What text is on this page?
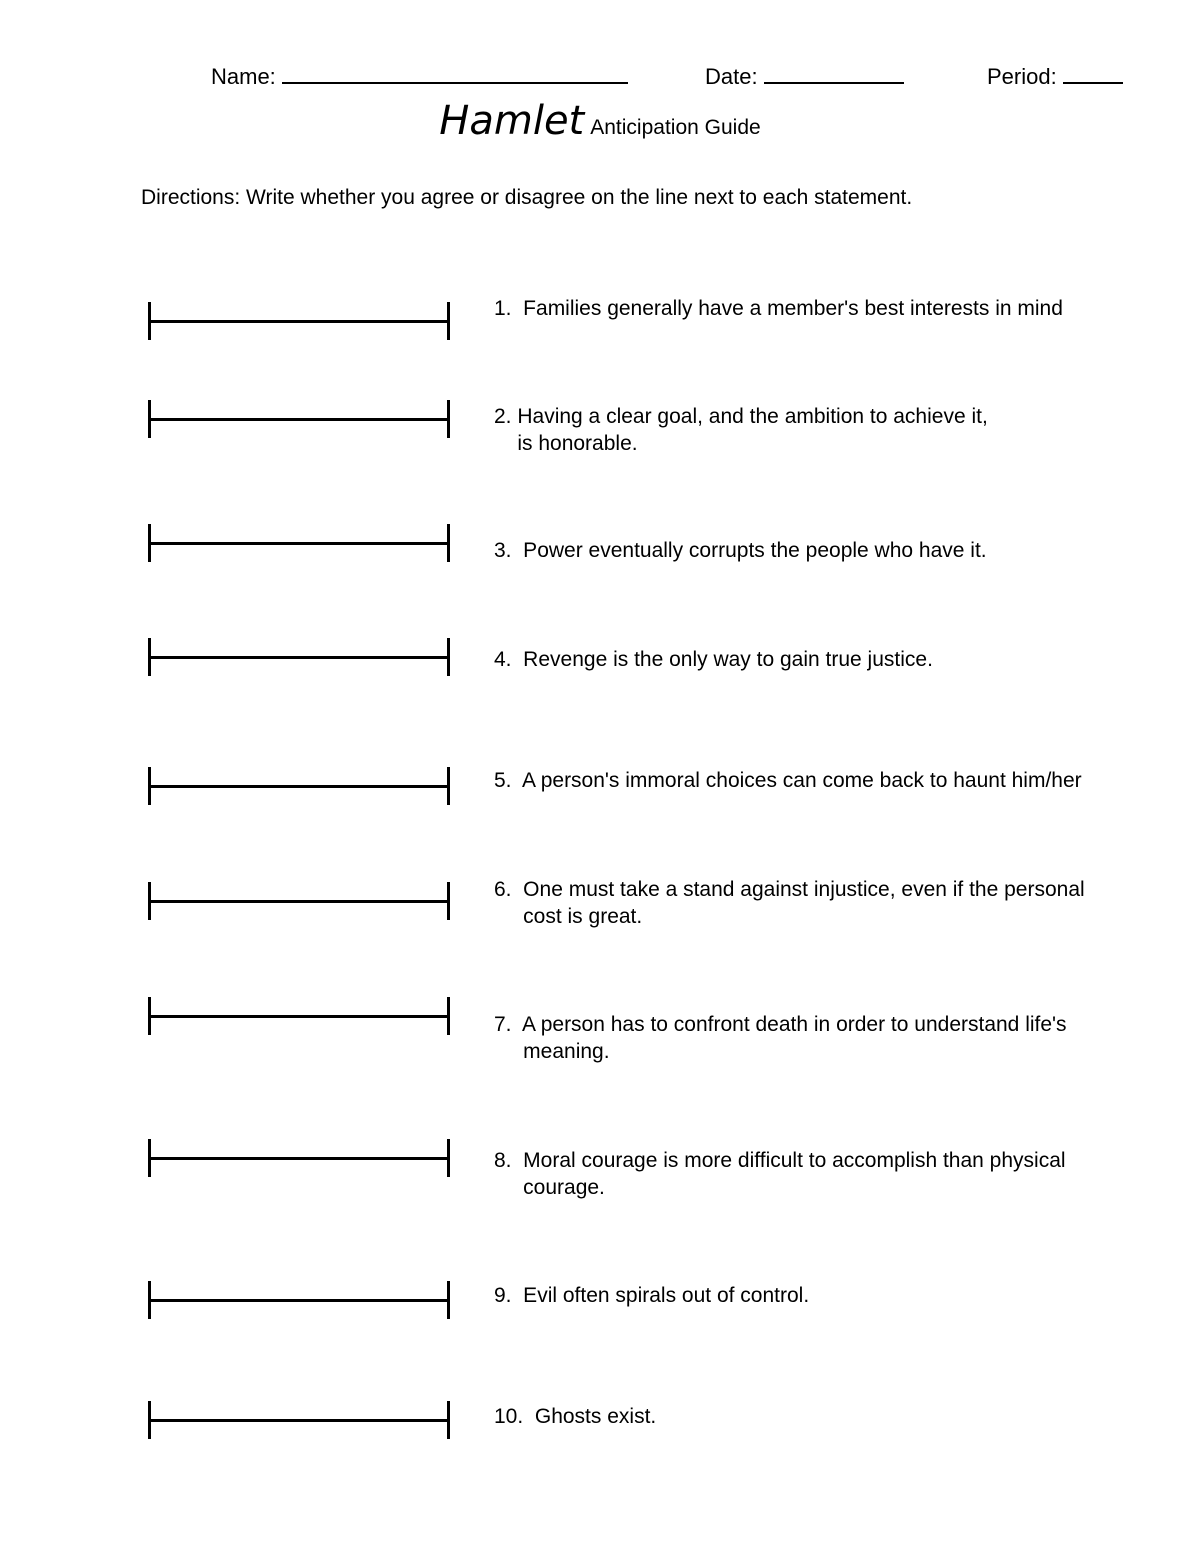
Name:	Date:	Period:
Hamlet Anticipation Guide
Directions: Write whether you agree or disagree on the line next to each statement.
1.  Families generally have a member's best interests in mind
2. Having a clear goal, and the ambition to achieve it,
is honorable.
3.  Power eventually corrupts the people who have it.
4.  Revenge is the only way to gain true justice.
5.  A person's immoral choices can come back to haunt him/her
6.  One must take a stand against injustice, even if the personal
cost is great.
7.  A person has to confront death in order to understand life's
meaning.
8.  Moral courage is more difficult to accomplish than physical
courage.
9.  Evil often spirals out of control.
10.  Ghosts exist.
